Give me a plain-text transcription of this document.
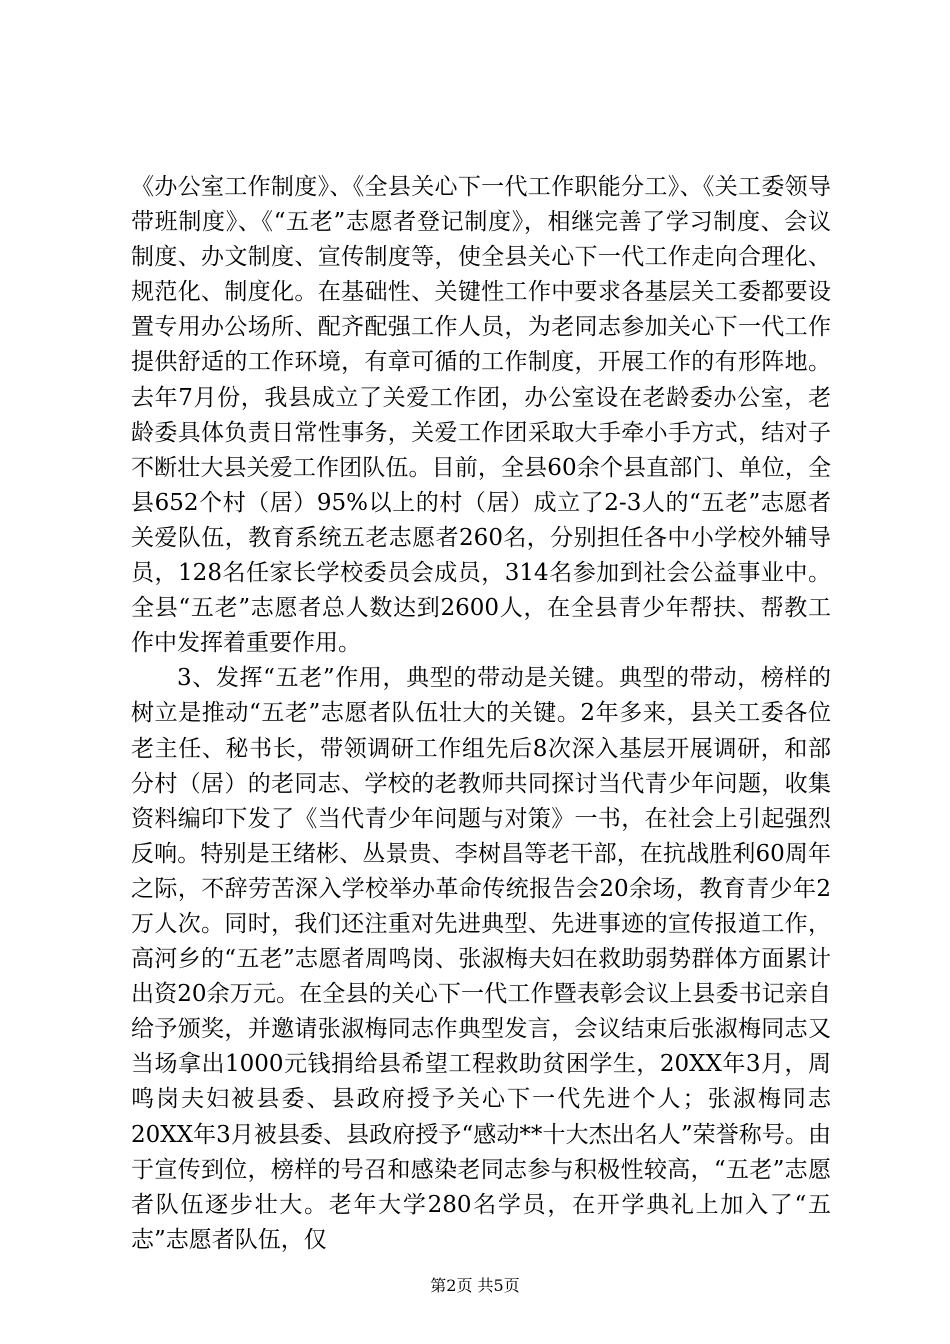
《办公室工作制度》、《全县关心下一代工作职能分工》、《关工委领导带班制度》、《“五老”志愿者登记制度》，相继完善了学习制度、会议制度、办文制度、宣传制度等，使全县关心下一代工作走向合理化、规范化、制度化。在基础性、关键性工作中要求各基层关工委都要设置专用办公场所、配齐配强工作人员，为老同志参加关心下一代工作提供舒适的工作环境，有章可循的工作制度，开展工作的有形阵地。去年7月份，我县成立了关爱工作团，办公室设在老龄委办公室，老龄委具体负责日常性事务，关爱工作团采取大手牵小手方式，结对子不断壮大县关爱工作团队伍。目前，全县60余个县直部门、单位，全县652个村（居）95%以上的村（居）成立了2-3人的“五老”志愿者关爱队伍，教育系统五老志愿者260名，分别担任各中小学校外辅导员，128名任家长学校委员会成员，314名参加到社会公益事业中。全县“五老”志愿者总人数达到2600人，在全县青少年帮扶、帮教工作中发挥着重要作用。

3、发挥“五老”作用，典型的带动是关键。典型的带动，榜样的树立是推动“五老”志愿者队伍壮大的关键。2年多来，县关工委各位老主任、秘书长，带领调研工作组先后8次深入基层开展调研，和部分村（居）的老同志、学校的老教师共同探讨当代青少年问题，收集资料编印下发了《当代青少年问题与对策》一书，在社会上引起强烈反响。特别是王绪彬、丛景贵、李树昌等老干部，在抗战胜利60周年之际，不辞劳苦深入学校举办革命传统报告会20余场，教育青少年2万人次。同时，我们还注重对先进典型、先进事迹的宣传报道工作，高河乡的“五老”志愿者周鸣岗、张淑梅夫妇在救助弱势群体方面累计出资20余万元。在全县的关心下一代工作暨表彰会议上县委书记亲自给予颁奖，并邀请张淑梅同志作典型发言，会议结束后张淑梅同志又当场拿出1000元钱捐给县希望工程救助贫困学生，20XX年3月，周鸣岗夫妇被县委、县政府授予关心下一代先进个人；张淑梅同志20XX年3月被县委、县政府授予“感动**十大杰出名人”荣誉称号。由于宣传到位，榜样的号召和感染老同志参与积极性较高，“五老”志愿者队伍逐步壮大。老年大学280名学员，在开学典礼上加入了“五志”志愿者队伍，仅

第2页 共5页
